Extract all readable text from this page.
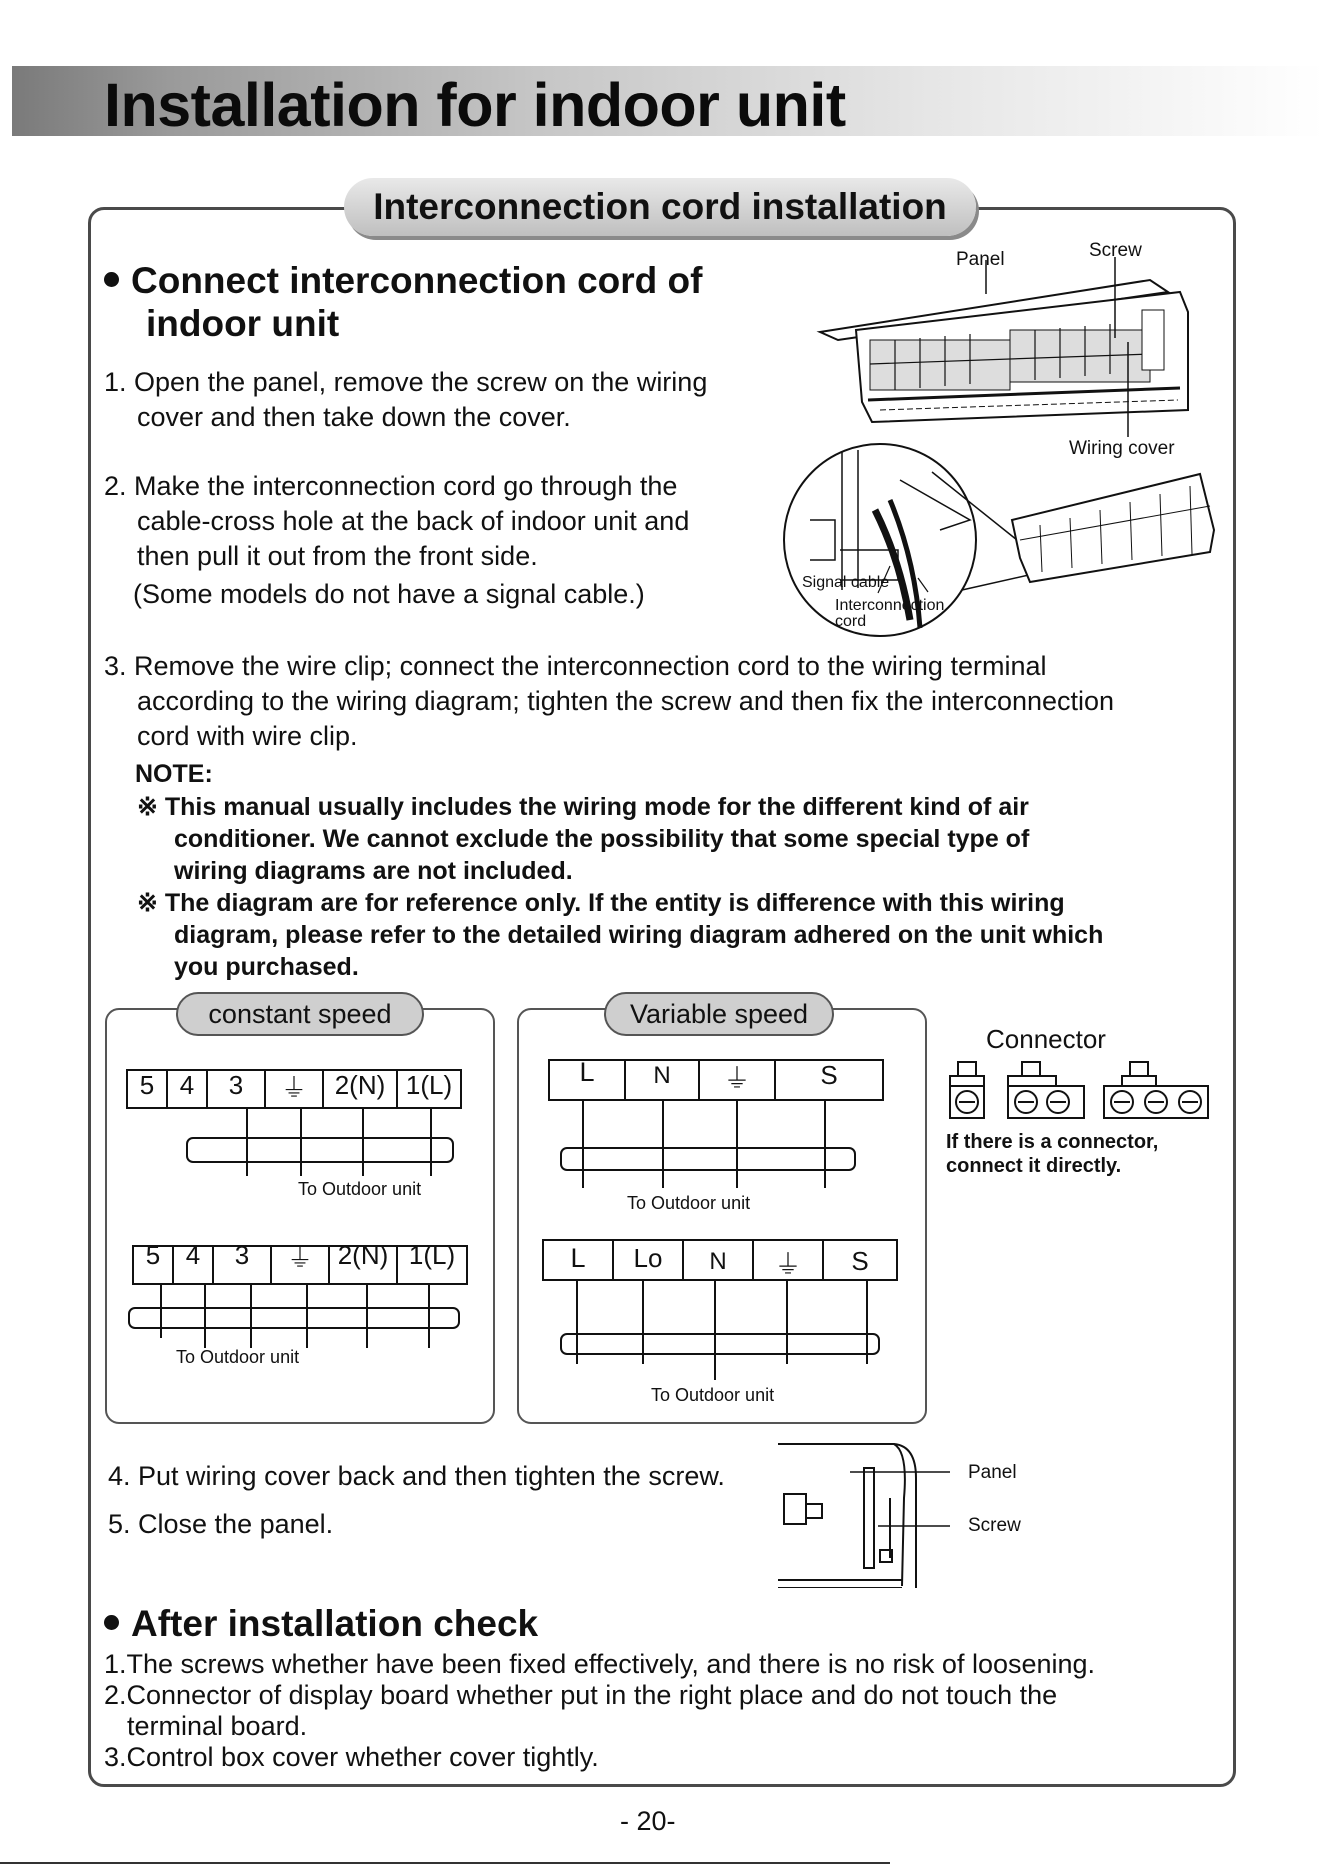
Installation for indoor unit
Interconnection cord installation
Connect interconnection cord of
indoor unit
1. Open the panel, remove the screw on the wiring
cover and then take down the cover.
2. Make the interconnection cord go through the
cable-cross hole at the back of indoor unit and
then pull it out from the front side.
(Some models do not have a signal cable.)
3. Remove the wire clip; connect the interconnection cord to the wiring terminal
according to the wiring diagram; tighten the screw and then fix the interconnection
cord with wire clip.
NOTE:
※ This manual usually includes the wiring mode for the different kind of air
conditioner. We cannot exclude the possibility that some special type of
wiring diagrams are not included.
※ The diagram are for reference only. If the entity is difference with this wiring
diagram, please refer to the detailed wiring diagram adhered on the unit which
you purchased.
Panel	Screw
Wiring cover
Signal cable
Interconnection
cord
constant speed
5 4	3	⏚	2(N) 1(L)
To Outdoor unit
5 4	3	⏚ 2(N) 1(L)
To Outdoor unit
Variable speed
L	N	⏚	S
To Outdoor unit
L	Lo	N	⏚	S
To Outdoor unit
Connector
If there is a connector,
connect it directly.
4. Put wiring cover back and then tighten the screw.
5. Close the panel.
Panel
Screw
After installation check
1.The screws whether have been fixed effectively, and there is no risk of loosening.
2.Connector of display board whether put in the right place and do not touch the
terminal board.
3.Control box cover whether cover tightly.
- 20-
